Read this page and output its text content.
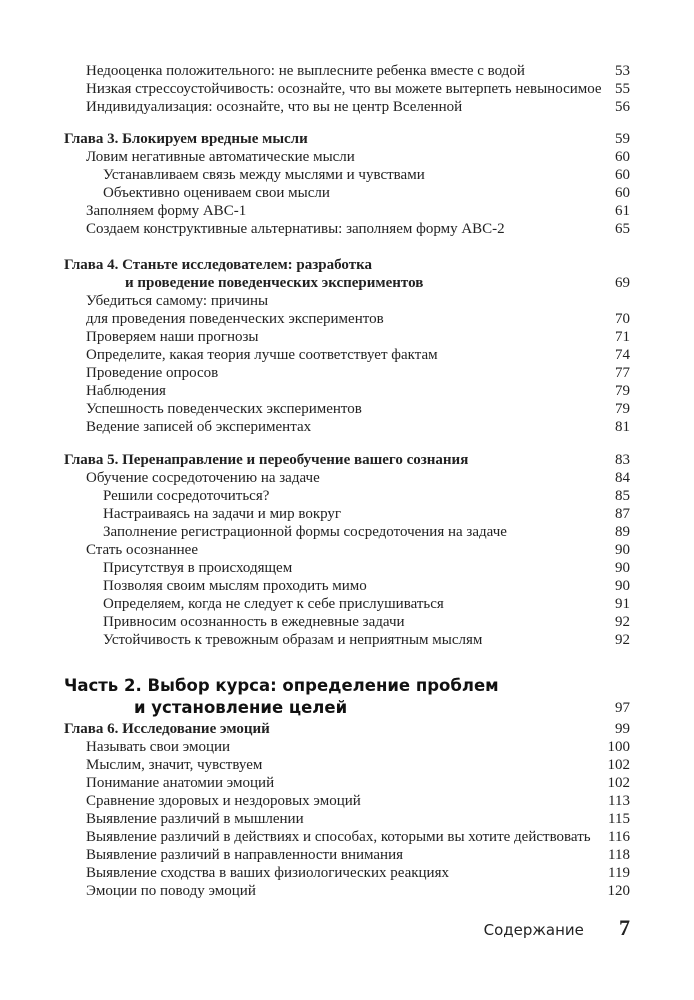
Недооценка положительного: не выплесните ребенка вместе с водой	53
Низкая стрессоустойчивость: осознайте, что вы можете вытерпеть невыносимое 55
Индивидуализация: осознайте, что вы не центр Вселенной	56
Глава 3. Блокируем вредные мысли	59
Ловим негативные автоматические мысли	60
Устанавливаем связь между мыслями и чувствами	60
Объективно оцениваем свои мысли	60
Заполняем форму ABC-1	61
Создаем конструктивные альтернативы: заполняем форму ABC-2	65
Глава 4. Станьте исследователем: разработка
и проведение поведенческих экспериментов	69
Убедиться самому: причины
для проведения поведенческих экспериментов	70
Проверяем наши прогнозы	71
Определите, какая теория лучше соответствует фактам	74
Проведение опросов	77
Наблюдения	79
Успешность поведенческих экспериментов	79
Ведение записей об экспериментах	81
Глава 5. Перенаправление и переобучение вашего сознания	83
Обучение сосредоточению на задаче	84
Решили сосредоточиться?	85
Настраиваясь на задачи и мир вокруг	87
Заполнение регистрационной формы сосредоточения на задаче	89
Стать осознаннее	90
Присутствуя в происходящем	90
Позволяя своим мыслям проходить мимо	90
Определяем, когда не следует к себе прислушиваться	91
Привносим осознанность в ежедневные задачи	92
Устойчивость к тревожным образам и неприятным мыслям	92
Часть 2. Выбор курса: определение проблем
и установление целей	97
Глава 6. Исследование эмоций	99
Называть свои эмоции	100
Мыслим, значит, чувствуем	102
Понимание анатомии эмоций	102
Сравнение здоровых и нездоровых эмоций	113
Выявление различий в мышлении	115
Выявление различий в действиях и способах, которыми вы хотите действовать 116
Выявление различий в направленности внимания	118
Выявление сходства в ваших физиологических реакциях	119
Эмоции по поводу эмоций	120
Содержание 7
